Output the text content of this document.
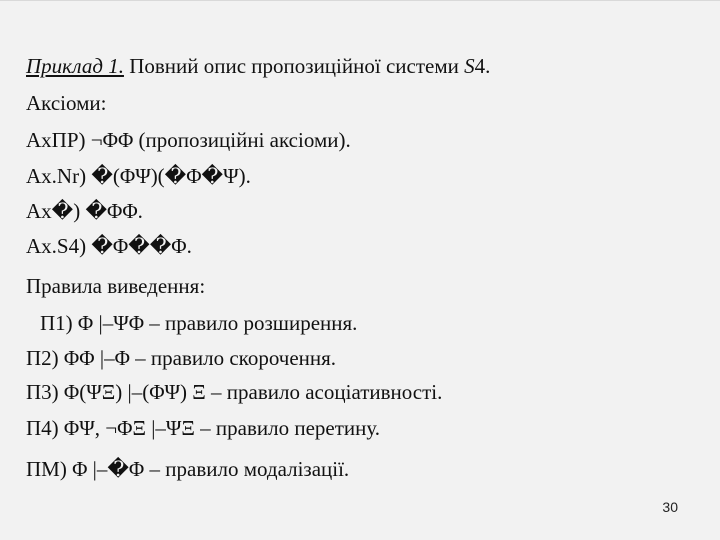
Приклад 1. Повний опис пропозиційної системи S4.
Аксіоми:
AxПР) ¬ΦΦ (пропозиційні аксіоми).
Ax.Nr) �(ΦΨ)(�Φ�Ψ).
Ax�) �ΦΦ.
Ax.S4) �Φ��Φ.
Правила виведення:
П1) Φ |–ΨΦ – правило розширення.
П2) ΦΦ |–Φ – правило скорочення.
П3) Φ(ΨΞ) |–(ΦΨ) Ξ – правило асоціативності.
П4) ΦΨ, ¬ΦΞ |–ΨΞ – правило перетину.
ПМ) Φ |–�Φ – правило модалізації.
30
